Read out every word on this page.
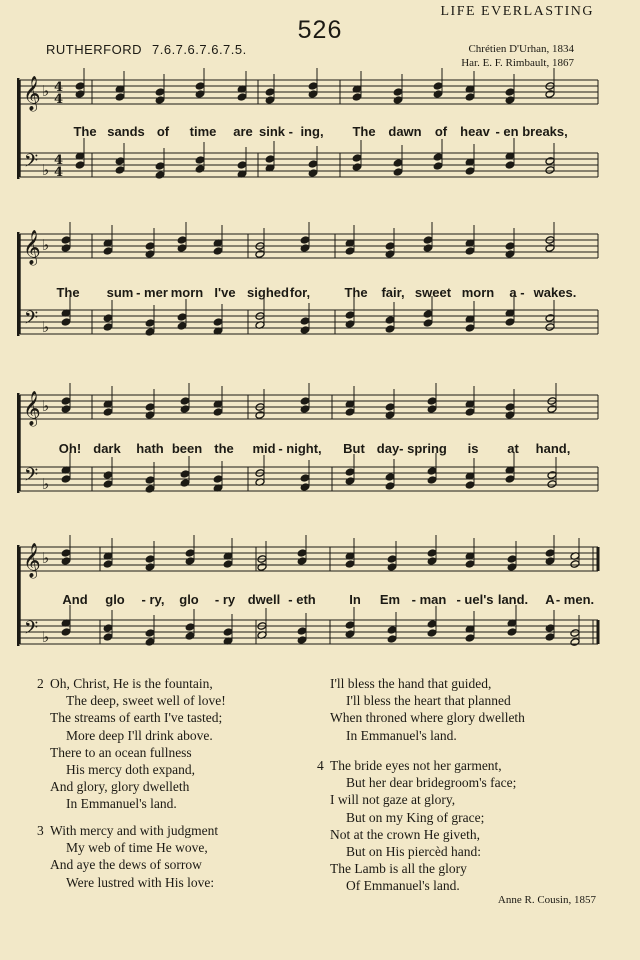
526
LIFE EVERLASTING
RUTHERFORD 7.6.7.6.7.6.7.5.	Chrétien D'Urhan, 1834
Har. E. F. Rimbault, 1867
𝄞
𝄢
♭
♭
4
4
4
4
𝄞
𝄢
♭
♭
𝄞
𝄢
♭
♭
𝄞
𝄢
♭
♭
The sands of time are sink - ing, The dawn of heav - en breaks,
The sum - mer morn I've sighed for,	The fair, sweet morn a - wakes.
Oh! dark hath been the mid - night, But day - spring is at hand,
And glo - ry, glo - ry dwell - eth	In Em - man - uel's land. A - men.
2 Oh, Christ, He is the fountain,
The deep, sweet well of love!
The streams of earth I've tasted;
More deep I'll drink above.
There to an ocean fullness
His mercy doth expand,
And glory, glory dwelleth
In Emmanuel's land.
3 With mercy and with judgment
My web of time He wove,
And aye the dews of sorrow
Were lustred with His love:
I'll bless the hand that guided,
I'll bless the heart that planned
When throned where glory dwelleth
In Emmanuel's land.
4 The bride eyes not her garment,
But her dear bridegroom's face;
I will not gaze at glory,
But on my King of grace;
Not at the crown He giveth,
But on His piercèd hand:
The Lamb is all the glory
Of Emmanuel's land.
Anne R. Cousin, 1857
